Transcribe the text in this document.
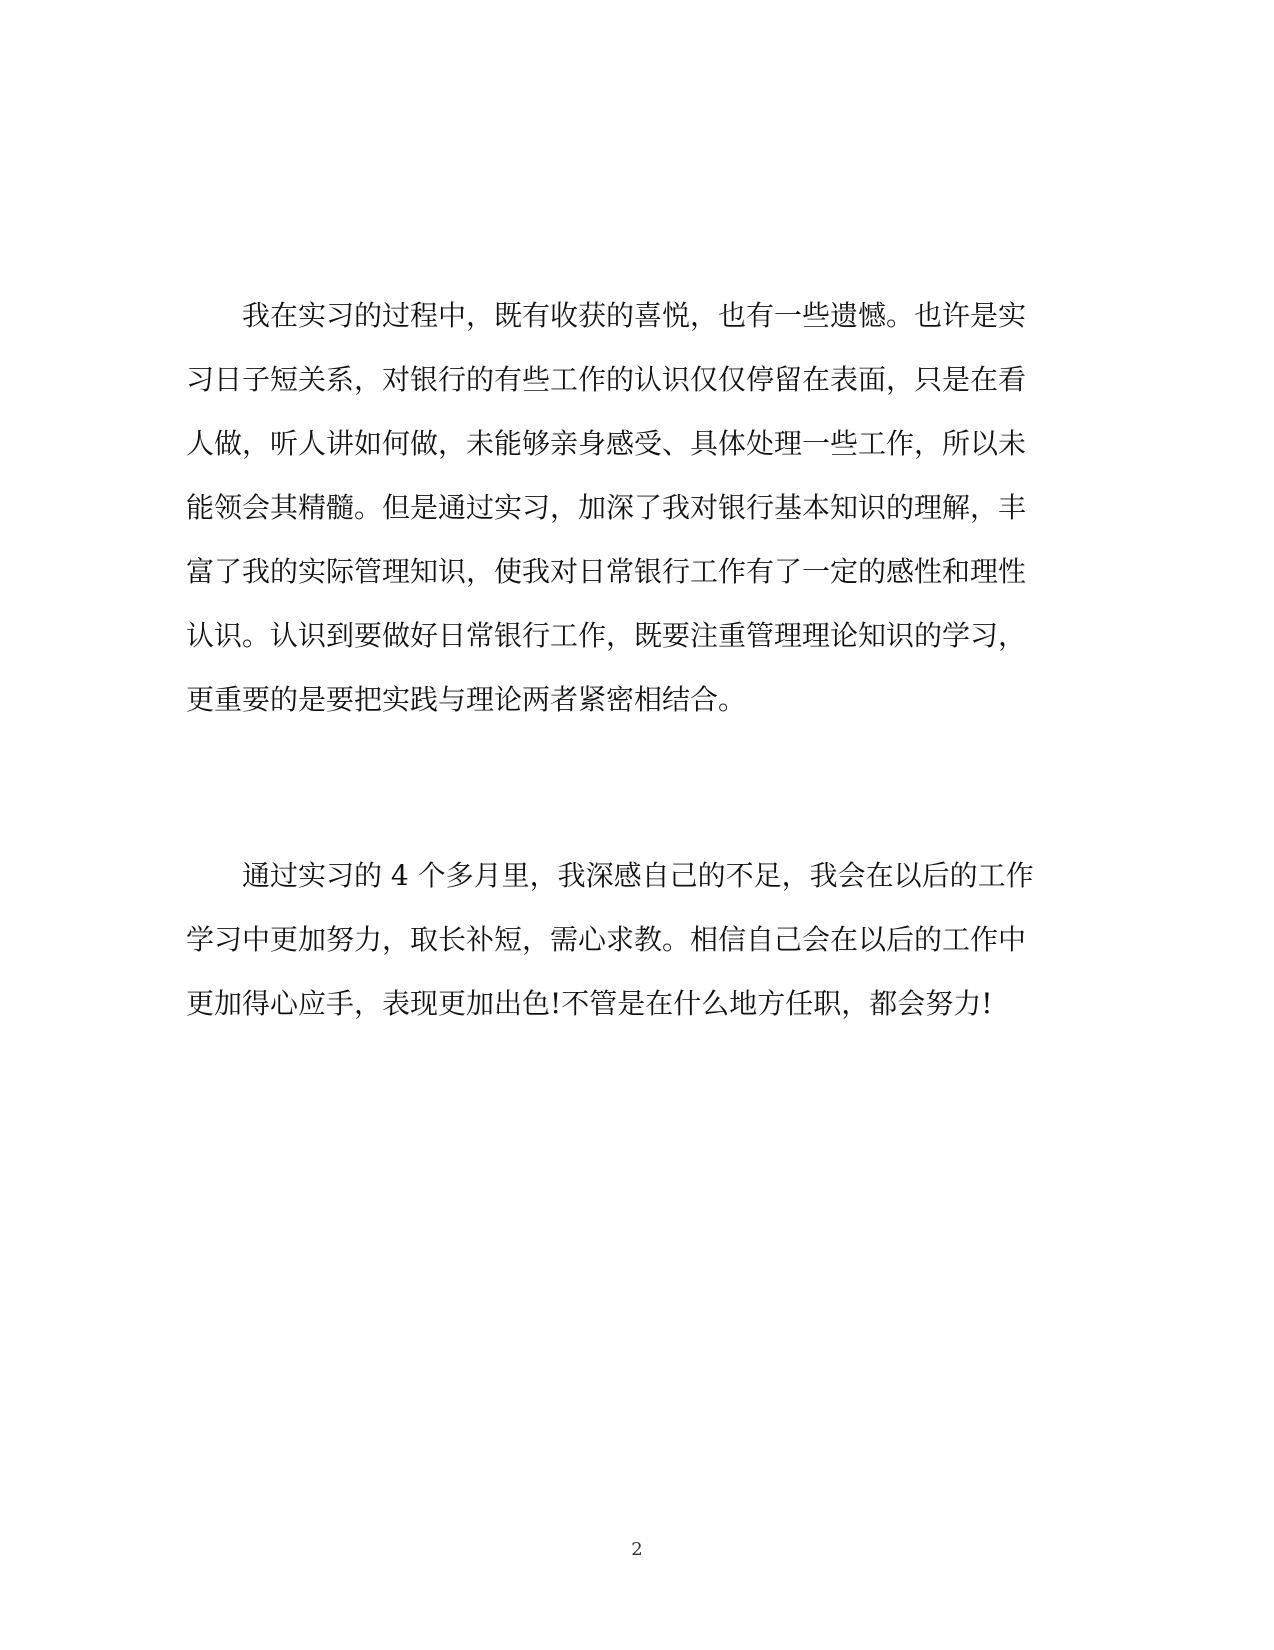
　　我在实习的过程中，既有收获的喜悦，也有一些遗憾。也许是实
习日子短关系，对银行的有些工作的认识仅仅停留在表面，只是在看
人做，听人讲如何做，未能够亲身感受、具体处理一些工作，所以未
能领会其精髓。但是通过实习，加深了我对银行基本知识的理解，丰
富了我的实际管理知识，使我对日常银行工作有了一定的感性和理性
认识。认识到要做好日常银行工作，既要注重管理理论知识的学习，
更重要的是要把实践与理论两者紧密相结合。
　　通过实习的 4 个多月里，我深感自己的不足，我会在以后的工作
学习中更加努力，取长补短，需心求教。相信自己会在以后的工作中
更加得心应手，表现更加出色!不管是在什么地方任职，都会努力!
2
